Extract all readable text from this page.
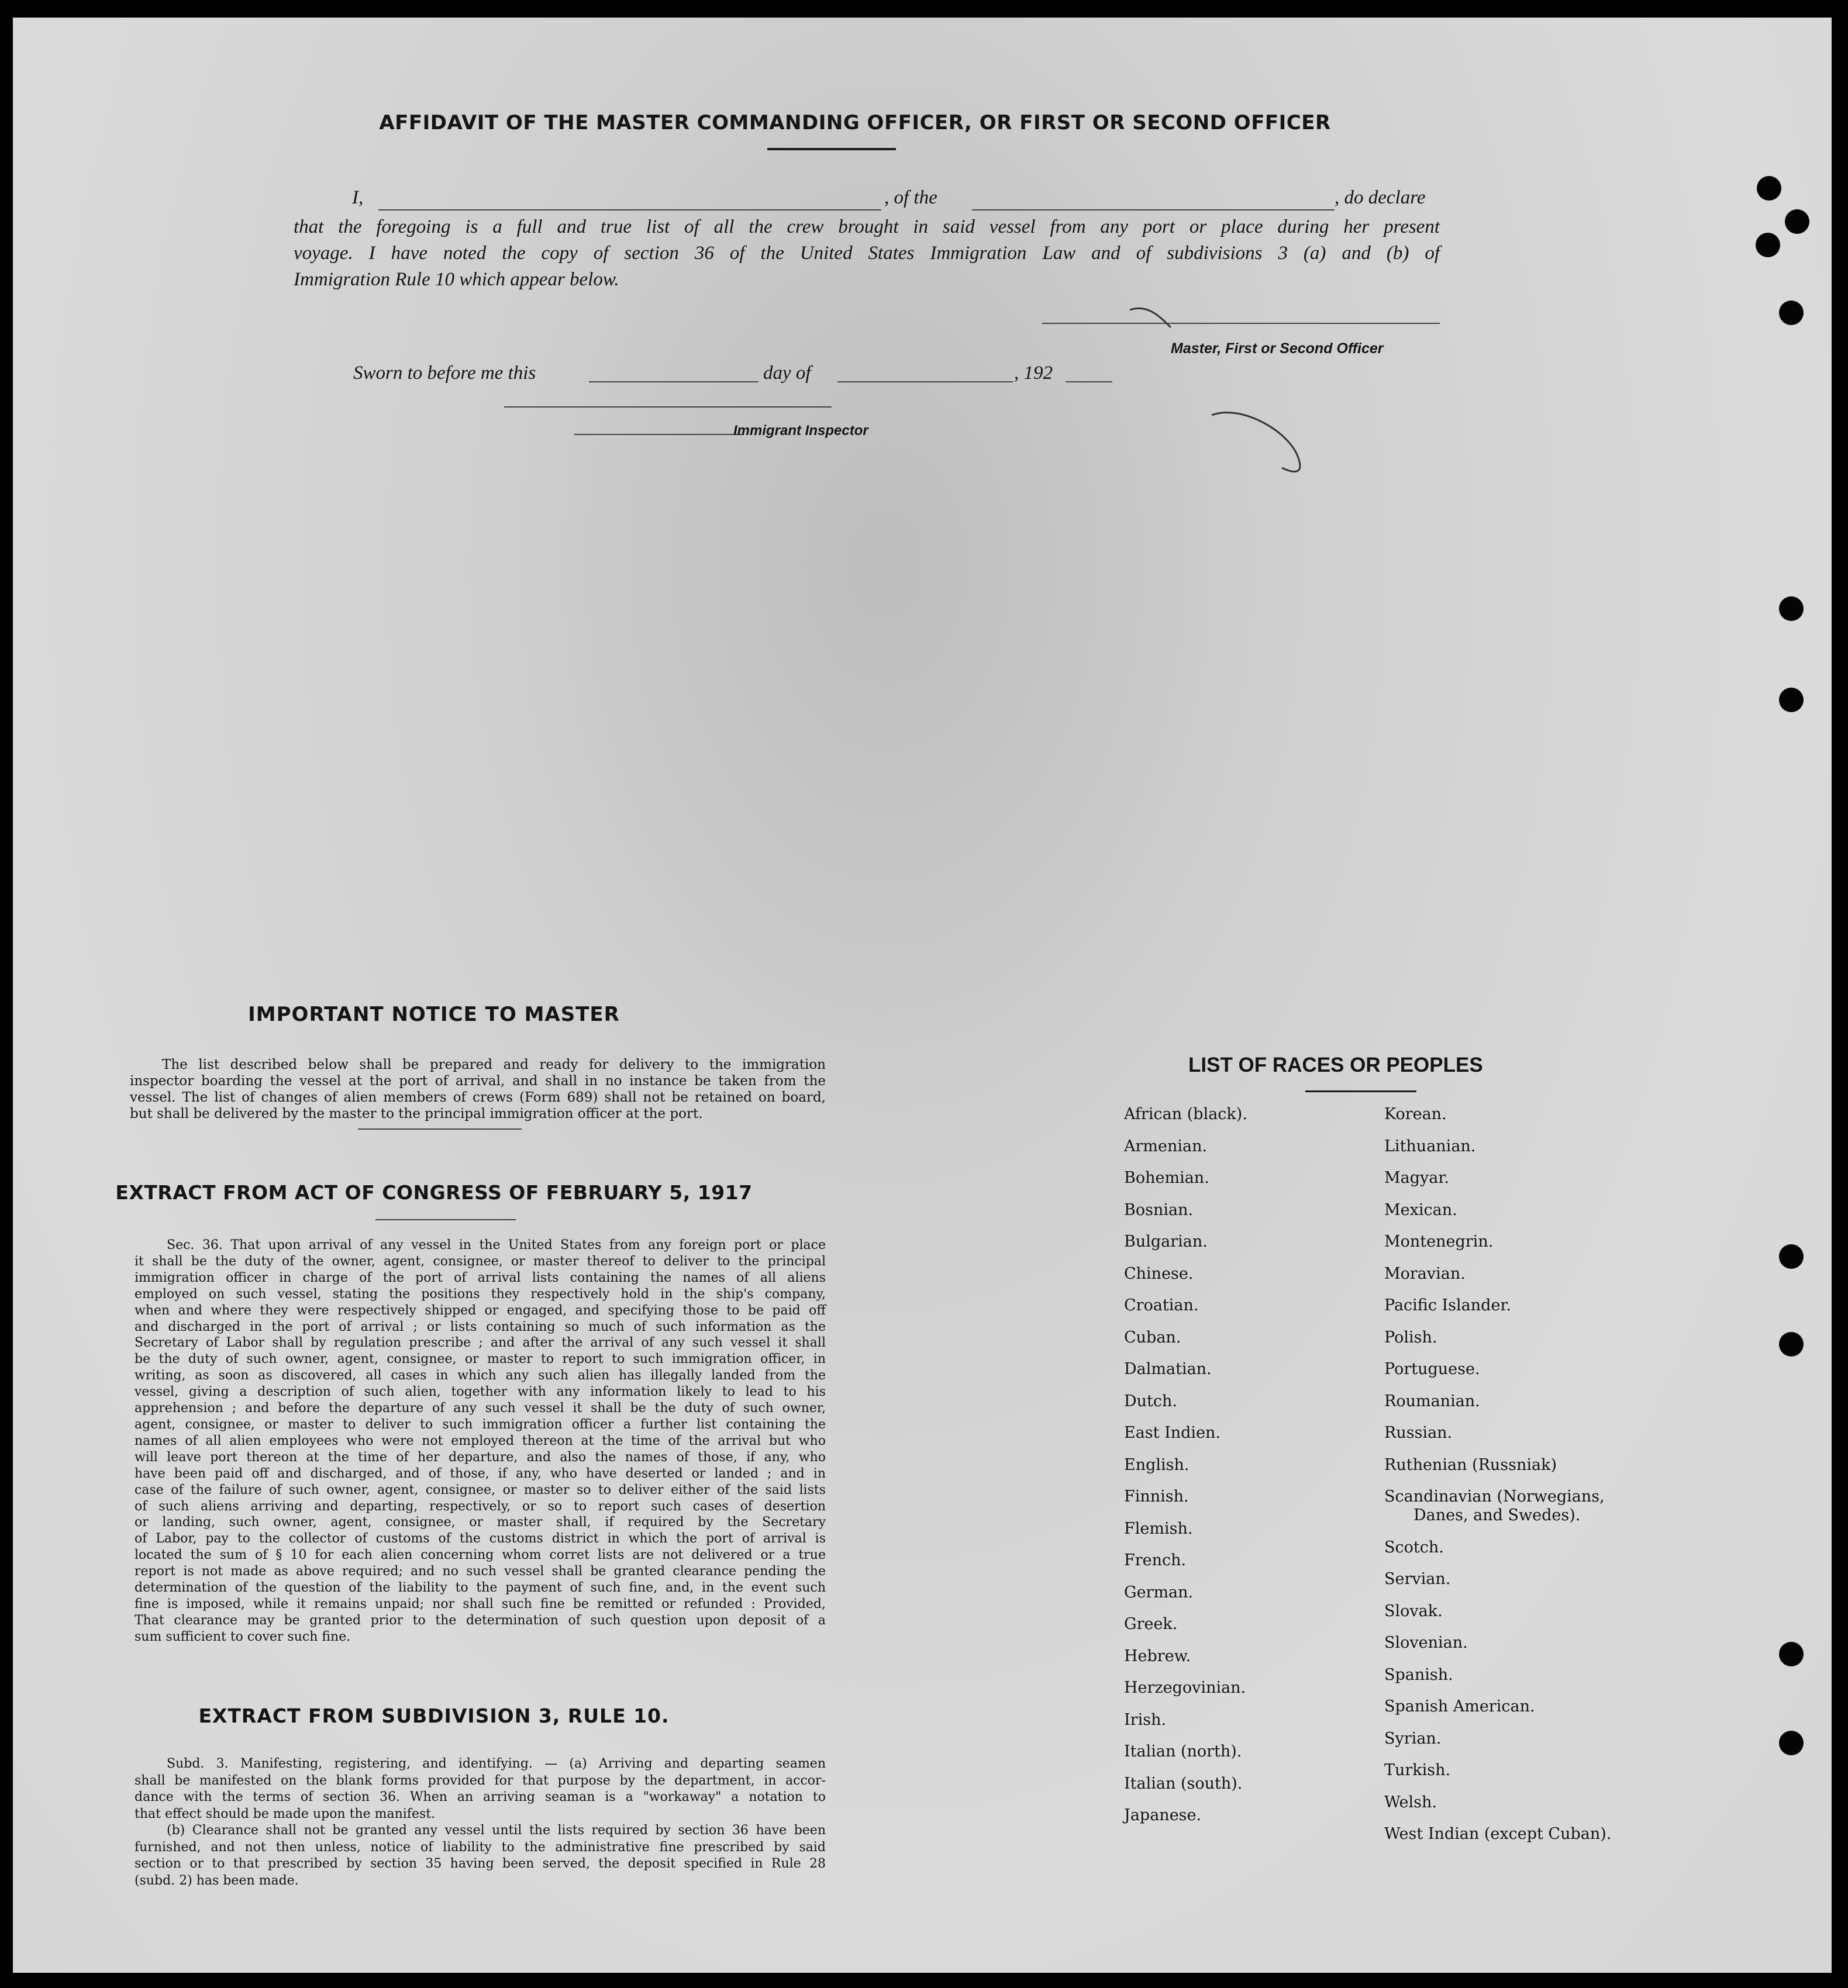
AFFIDAVIT OF THE MASTER COMMANDING OFFICER, OR FIRST OR SECOND OFFICER
I,	, of the	, do declare
that the foregoing is a full and true list of all the crew brought in said vessel from any port or place during her present
voyage. I have noted the copy of section 36 of the United States Immigration Law and of subdivisions 3 (a) and (b) of
Immigration Rule 10 which appear below.
Master, First or Second Officer
Sworn to before me this	day of	, 192
Immigrant Inspector
IMPORTANT NOTICE TO MASTER
The list described below shall be prepared and ready for delivery to the immigration
inspector boarding the vessel at the port of arrival, and shall in no instance be taken from the
vessel. The list of changes of alien members of crews (Form 689) shall not be retained on board,
but shall be delivered by the master to the principal immigration officer at the port.
EXTRACT FROM ACT OF CONGRESS OF FEBRUARY 5, 1917
Sec. 36. That upon arrival of any vessel in the United States from any foreign port or place
it shall be the duty of the owner, agent, consignee, or master thereof to deliver to the principal
immigration officer in charge of the port of arrival lists containing the names of all aliens
employed on such vessel, stating the positions they respectively hold in the ship's company,
when and where they were respectively shipped or engaged, and specifying those to be paid off
and discharged in the port of arrival ; or lists containing so much of such information as the
Secretary of Labor shall by regulation prescribe ; and after the arrival of any such vessel it shall
be the duty of such owner, agent, consignee, or master to report to such immigration officer, in
writing, as soon as discovered, all cases in which any such alien has illegally landed from the
vessel, giving a description of such alien, together with any information likely to lead to his
apprehension ; and before the departure of any such vessel it shall be the duty of such owner,
agent, consignee, or master to deliver to such immigration officer a further list containing the
names of all alien employees who were not employed thereon at the time of the arrival but who
will leave port thereon at the time of her departure, and also the names of those, if any, who
have been paid off and discharged, and of those, if any, who have deserted or landed ; and in
case of the failure of such owner, agent, consignee, or master so to deliver either of the said lists
of such aliens arriving and departing, respectively, or so to report such cases of desertion
or landing, such owner, agent, consignee, or master shall, if required by the Secretary
of Labor, pay to the collector of customs of the customs district in which the port of arrival is
located the sum of § 10 for each alien concerning whom corret lists are not delivered or a true
report is not made as above required; and no such vessel shall be granted clearance pending the
determination of the question of the liability to the payment of such fine, and, in the event such
fine is imposed, while it remains unpaid; nor shall such fine be remitted or refunded : Provided,
That clearance may be granted prior to the determination of such question upon deposit of a
sum sufficient to cover such fine.
EXTRACT FROM SUBDIVISION 3, RULE 10.
Subd. 3. Manifesting, registering, and identifying. — (a) Arriving and departing seamen
shall be manifested on the blank forms provided for that purpose by the department, in accor-
dance with the terms of section 36. When an arriving seaman is a "workaway" a notation to
that effect should be made upon the manifest.
(b) Clearance shall not be granted any vessel until the lists required by section 36 have been
furnished, and not then unless, notice of liability to the administrative fine prescribed by said
section or to that prescribed by section 35 having been served, the deposit specified in Rule 28
(subd. 2) has been made.
LIST OF RACES OR PEOPLES
African (black).
Armenian.
Bohemian.
Bosnian.
Bulgarian.
Chinese.
Croatian.
Cuban.
Dalmatian.
Dutch.
East Indien.
English.
Finnish.
Flemish.
French.
German.
Greek.
Hebrew.
Herzegovinian.
Irish.
Italian (north).
Italian (south).
Japanese.
Korean.
Lithuanian.
Magyar.
Mexican.
Montenegrin.
Moravian.
Pacific Islander.
Polish.
Portuguese.
Roumanian.
Russian.
Ruthenian (Russniak)
Scandinavian (Norwegians,
Danes, and Swedes).
Scotch.
Servian.
Slovak.
Slovenian.
Spanish.
Spanish American.
Syrian.
Turkish.
Welsh.
West Indian (except Cuban).
